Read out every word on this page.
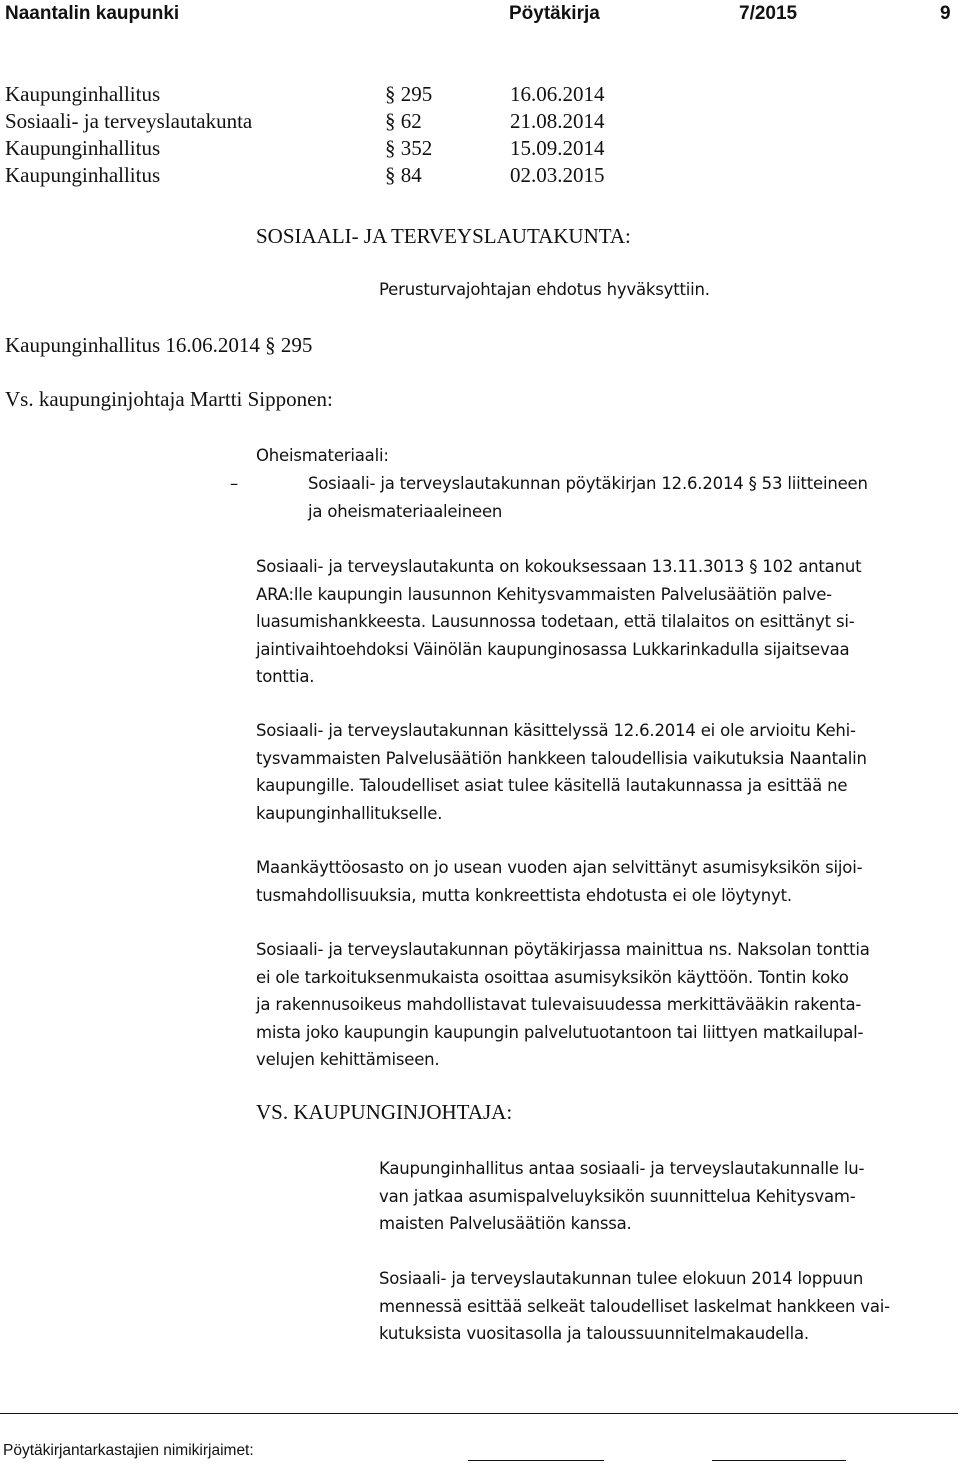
Naantalin kaupunki	Pöytäkirja	7/2015	9
Kaupunginhallitus	§ 295	16.06.2014
Sosiaali- ja terveyslautakunta	§ 62	21.08.2014
Kaupunginhallitus	§ 352	15.09.2014
Kaupunginhallitus	§ 84	02.03.2015
SOSIAALI- JA TERVEYSLAUTAKUNTA:
Perusturvajohtajan ehdotus hyväksyttiin.
Kaupunginhallitus 16.06.2014 § 295
Vs. kaupunginjohtaja Martti Sipponen:
Oheismateriaali:
–	Sosiaali- ja terveyslautakunnan pöytäkirjan 12.6.2014 § 53 liitteineen
ja oheismateriaaleineen
Sosiaali- ja terveyslautakunta on kokouksessaan 13.11.3013 § 102 antanut
ARA:lle kaupungin lausunnon Kehitysvammaisten Palvelusäätiön palve-
luasumishankkeesta. Lausunnossa todetaan, että tilalaitos on esittänyt si-
jaintivaihtoehdoksi Väinölän kaupunginosassa Lukkarinkadulla sijaitsevaa
tonttia.
Sosiaali- ja terveyslautakunnan käsittelyssä 12.6.2014 ei ole arvioitu Kehi-
tysvammaisten Palvelusäätiön hankkeen taloudellisia vaikutuksia Naantalin
kaupungille. Taloudelliset asiat tulee käsitellä lautakunnassa ja esittää ne
kaupunginhallitukselle.
Maankäyttöosasto on jo usean vuoden ajan selvittänyt asumisyksikön sijoi-
tusmahdollisuuksia, mutta konkreettista ehdotusta ei ole löytynyt.
Sosiaali- ja terveyslautakunnan pöytäkirjassa mainittua ns. Naksolan tonttia
ei ole tarkoituksenmukaista osoittaa asumisyksikön käyttöön. Tontin koko
ja rakennusoikeus mahdollistavat tulevaisuudessa merkittävääkin rakenta-
mista joko kaupungin kaupungin palvelutuotantoon tai liittyen matkailupal-
velujen kehittämiseen.
VS. KAUPUNGINJOHTAJA:
Kaupunginhallitus antaa sosiaali- ja terveyslautakunnalle lu-
van jatkaa asumispalveluyksikön suunnittelua Kehitysvam-
maisten Palvelusäätiön kanssa.
Sosiaali- ja terveyslautakunnan tulee elokuun 2014 loppuun
mennessä esittää selkeät taloudelliset laskelmat hankkeen vai-
kutuksista vuositasolla ja taloussuunnitelmakaudella.
Pöytäkirjantarkastajien nimikirjaimet:
